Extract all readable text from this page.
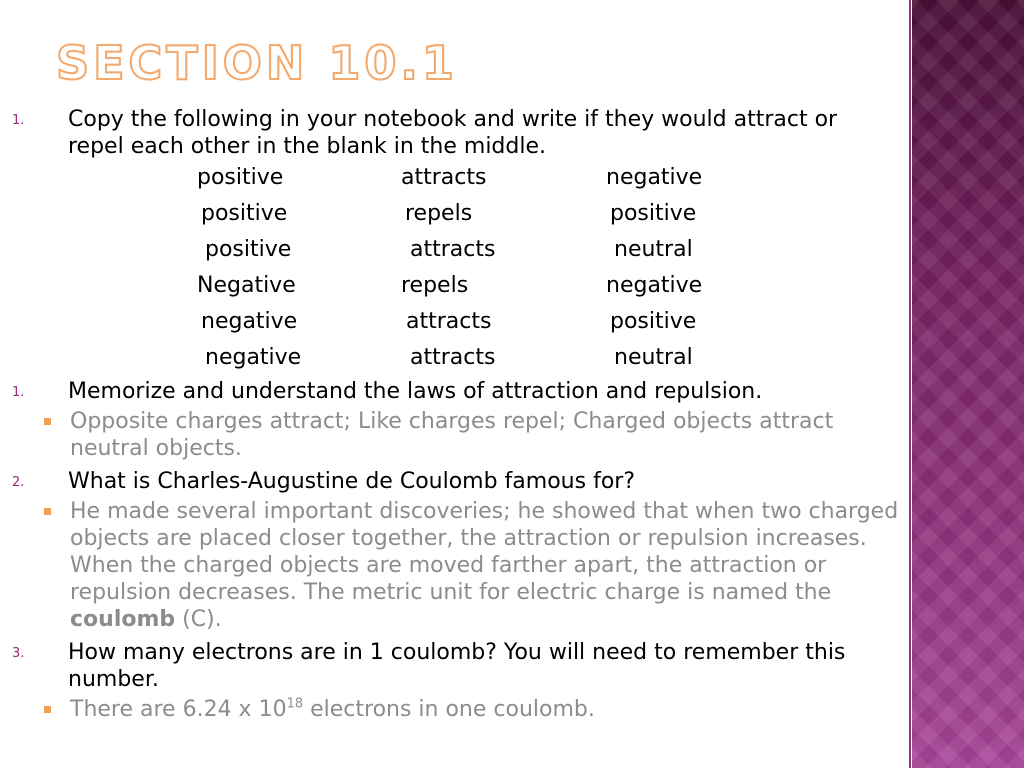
SECTION 10.1
1. Copy the following in your notebook and write if they would attract or repel each other in the blank in the middle.
positive	attracts	negative
positive	repels	positive
positive	attracts	neutral
Negative	repels	negative
negative	attracts	positive
negative	attracts	neutral
1. Memorize and understand the laws of attraction and repulsion.
Opposite charges attract; Like charges repel; Charged objects attract neutral objects.
2. What is Charles-Augustine de Coulomb famous for?
He made several important discoveries; he showed that when two charged objects are placed closer together, the attraction or repulsion increases. When the charged objects are moved farther apart, the attraction or repulsion decreases. The metric unit for electric charge is named the coulomb (C).
3. How many electrons are in 1 coulomb? You will need to remember this number.
There are 6.24 x $10^{18}$ electrons in one coulomb.
